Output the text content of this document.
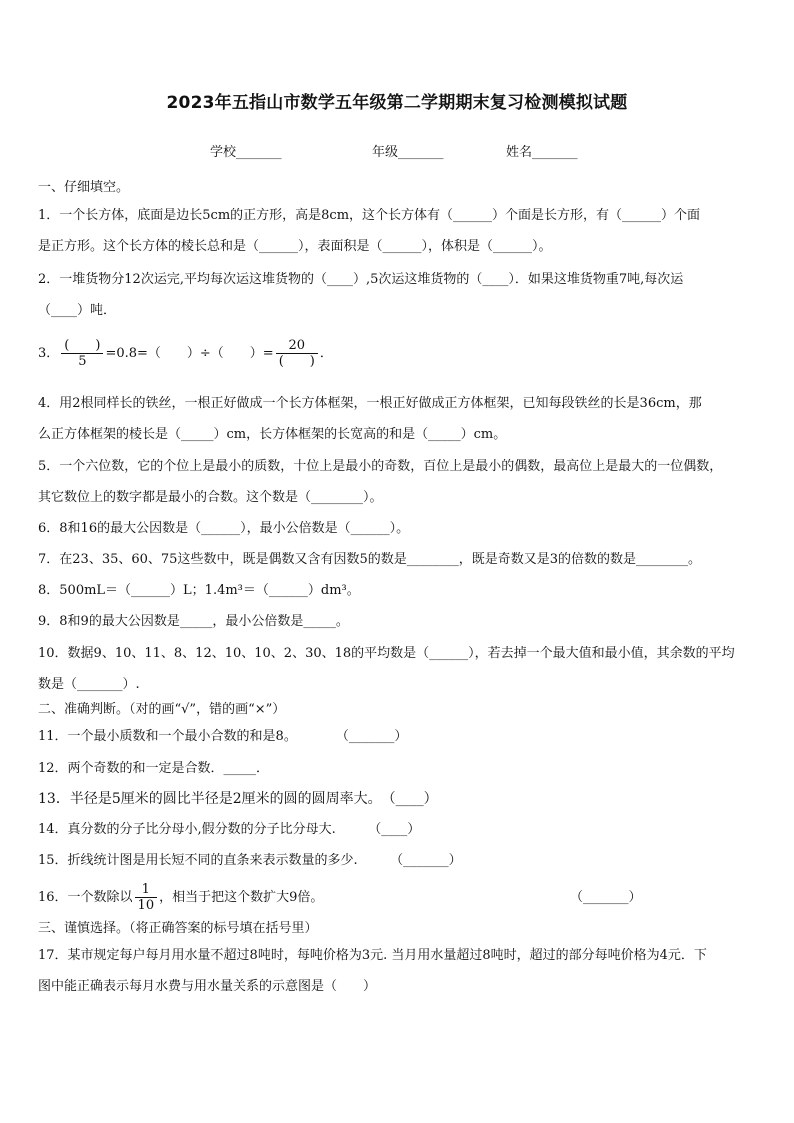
2023年五指山市数学五年级第二学期期末复习检测模拟试题
学校_______	年级_______	姓名_______
一、仔细填空。
1．一个长方体，底面是边长5cm的正方形，高是8cm，这个长方体有（______）个面是长方形，有（______）个面
是正方形。这个长方体的棱长总和是（______），表面积是（______），体积是（______）。
2．一堆货物分12次运完,平均每次运这堆货物的（____）,5次运这堆货物的（____）．如果这堆货物重7吨,每次运
（____）吨．
3． $\frac{( )}{5} =0.8=$（　　）÷（　　）= $\frac{20}{( )}$ ．
4．用2根同样长的铁丝，一根正好做成一个长方体框架，一根正好做成正方体框架，已知每段铁丝的长是36cm，那
么正方体框架的棱长是（_____）cm，长方体框架的长宽高的和是（_____）cm。
5．一个六位数，它的个位上是最小的质数，十位上是最小的奇数，百位上是最小的偶数，最高位上是最大的一位偶数，
其它数位上的数字都是最小的合数。这个数是（________）。
6．8和16的最大公因数是（______），最小公倍数是（______）。
7．在23、35、60、75这些数中，既是偶数又含有因数5的数是________，既是奇数又是3的倍数的数是________。
8．500mL＝（______）L；1.4m³＝（______）dm³。
9．8和9的最大公因数是_____，最小公倍数是_____。
10．数据9、10、11、8、12、10、10、2、30、18的平均数是（______），若去掉一个最大值和最小值，其余数的平均
数是（_______）.
二、准确判断。（对的画“√”，错的画“×”）
11．一个最小质数和一个最小合数的和是8。　　　　（_______）
12．两个奇数的和一定是合数．_____．
13．半径是5厘米的圆比半径是2厘米的圆的圆周率大。　（____）
14．真分数的分子比分母小,假分数的分子比分母大.　　　（____）
15．折线统计图是用长短不同的直条来表示数量的多少.　　　（_______）
16．一个数除以 $\frac{1}{10}$ ，相当于把这个数扩大9倍。	（_______）
三、谨慎选择。（将正确答案的标号填在括号里）
17．某市规定每户每月用水量不超过8吨时，每吨价格为3元. 当月用水量超过8吨时，超过的部分每吨价格为4元．下
图中能正确表示每月水费与用水量关系的示意图是（　　）
